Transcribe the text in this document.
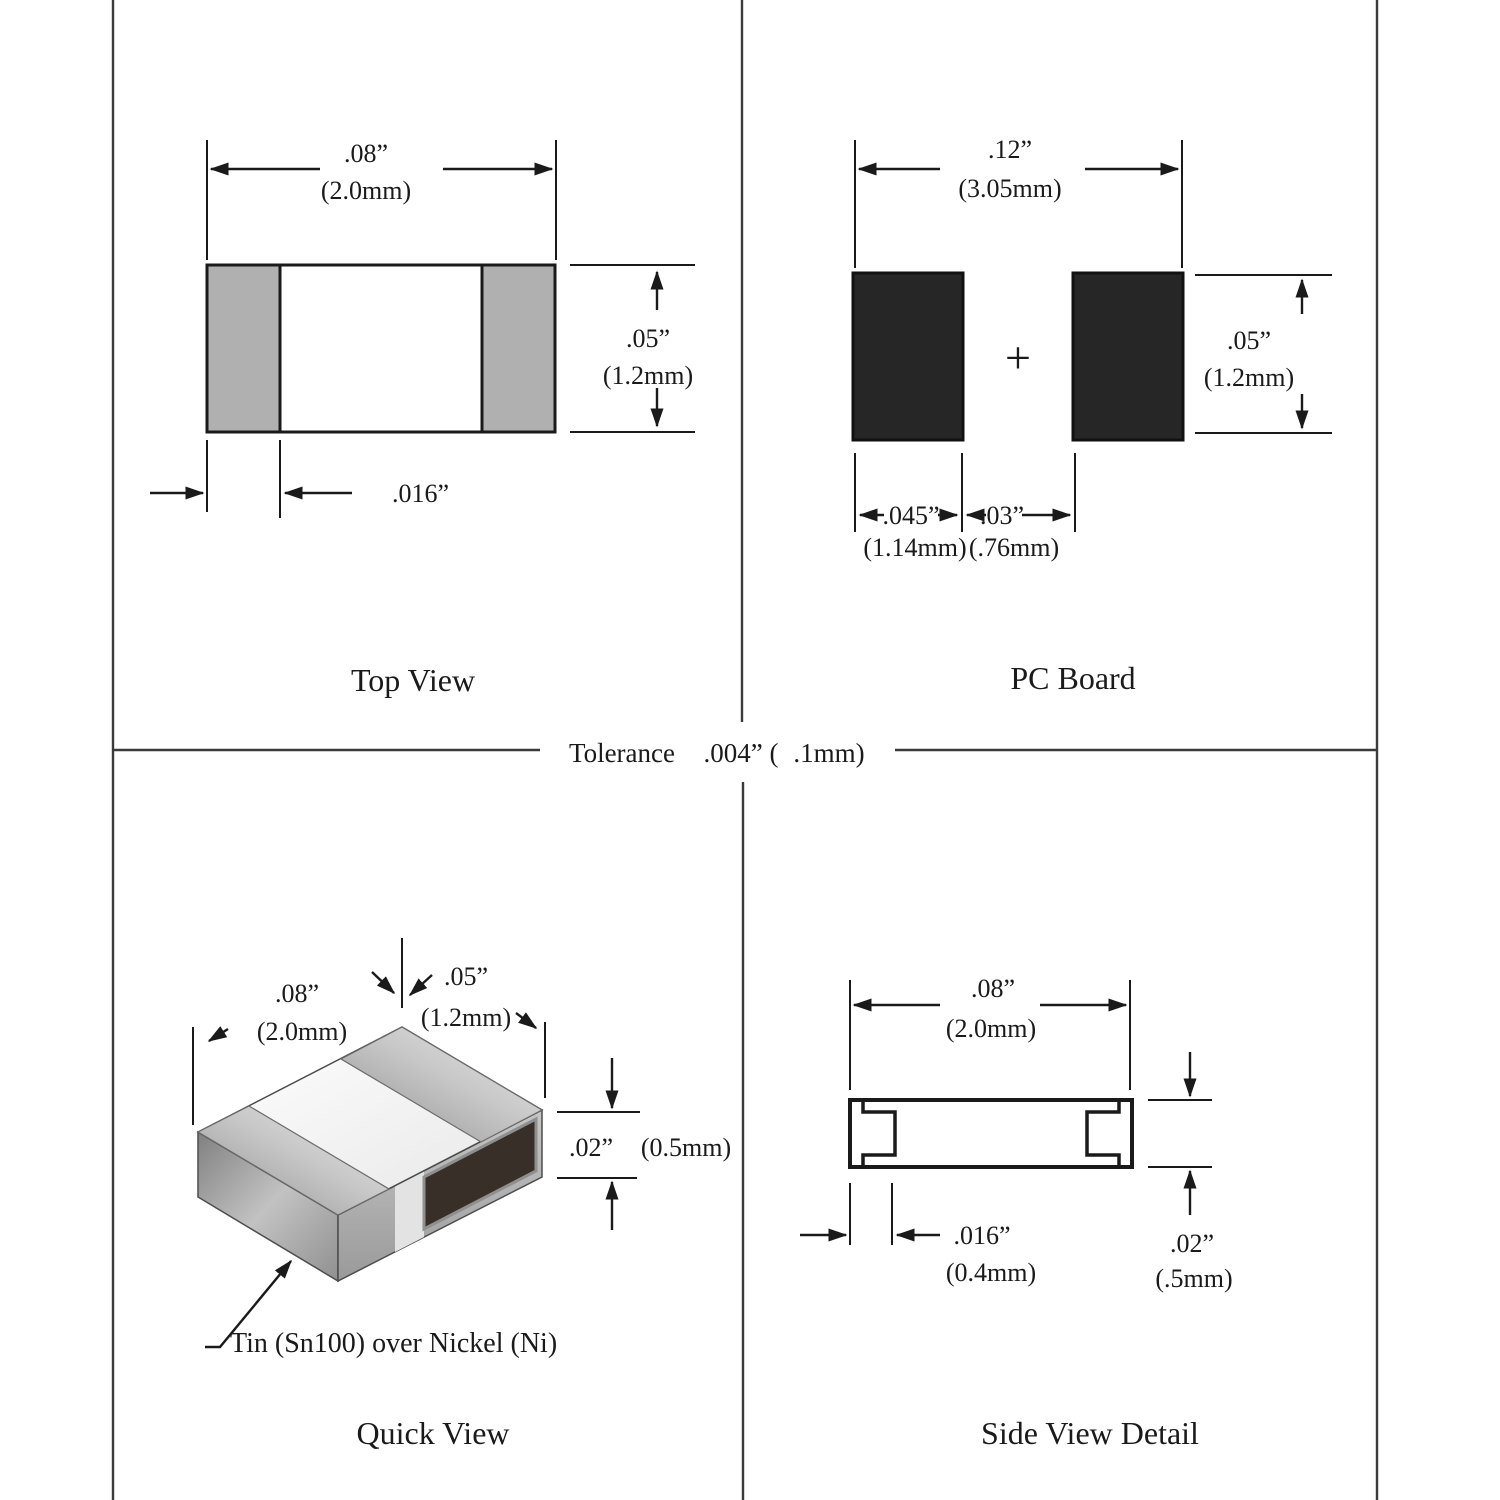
Tolerance .004” ( .1mm)
.08”
(2.0mm)
.05”
(1.2mm)
.016”
Top View
+
.12”
(3.05mm)
.05”
(1.2mm)
.045” .03”
(1.14mm) (.76mm)
PC Board
.08”
(2.0mm)
.05”
(1.2mm)
.02” (0.5mm)
Tin (Sn100) over Nickel (Ni)
Quick View
.08”
(2.0mm)
.016”
(0.4mm)
.02”
(.5mm)
Side View Detail
